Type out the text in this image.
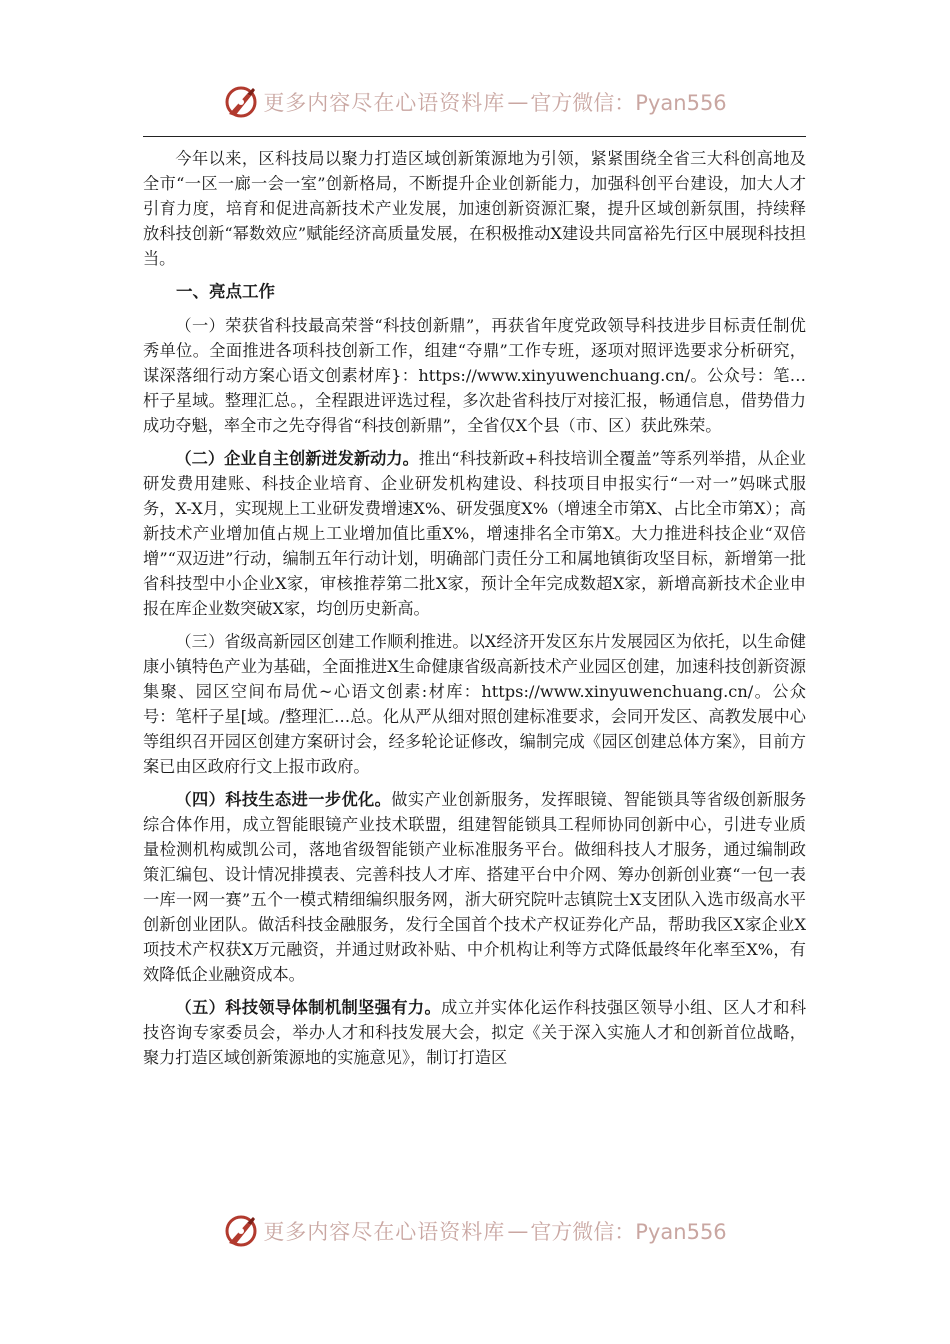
更多内容尽在心语资料库 — 官方微信：Pyan556

今年以来，区科技局以聚力打造区域创新策源地为引领，紧紧围绕全省三大科创高地及全市“一区一廊一会一室”创新格局，不断提升企业创新能力，加强科创平台建设，加大人才引育力度，培育和促进高新技术产业发展，加速创新资源汇聚，提升区域创新氛围，持续释放科技创新“幂数效应”赋能经济高质量发展，在积极推动X建设共同富裕先行区中展现科技担当。

一、亮点工作

（一）荣获省科技最高荣誉“科技创新鼎”，再获省年度党政领导科技进步目标责任制优秀单位。全面推进各项科技创新工作，组建“夺鼎”工作专班，逐项对照评选要求分析研究，谋深落细行动方案心语文创素材库}：https://www.xinyuwenchuang.cn/。公众号：笔…杆子星域。整理汇总。，全程跟进评选过程，多次赴省科技厅对接汇报，畅通信息，借势借力成功夺魁，率全市之先夺得省“科技创新鼎”，全省仅X个县（市、区）获此殊荣。

（二）企业自主创新迸发新动力。推出“科技新政+科技培训全覆盖”等系列举措，从企业研发费用建账、科技企业培育、企业研发机构建设、科技项目申报实行“一对一”妈咪式服务，X-X月，实现规上工业研发费增速X%、研发强度X%（增速全市第X、占比全市第X）；高新技术产业增加值占规上工业增加值比重X%，增速排名全市第X。大力推进科技企业“双倍增”“双迈进”行动，编制五年行动计划，明确部门责任分工和属地镇街攻坚目标，新增第一批省科技型中小企业X家，审核推荐第二批X家，预计全年完成数超X家，新增高新技术企业申报在库企业数突破X家，均创历史新高。

（三）省级高新园区创建工作顺利推进。以X经济开发区东片发展园区为依托，以生命健康小镇特色产业为基础，全面推进X生命健康省级高新技术产业园区创建，加速科技创新资源集聚、园区空间布局优~心语文创素:材库：https://www.xinyuwenchuang.cn/。公众号：笔杆子星[域。/整理汇…总。化从严从细对照创建标准要求，会同开发区、高教发展中心等组织召开园区创建方案研讨会，经多轮论证修改，编制完成《园区创建总体方案》，目前方案已由区政府行文上报市政府。

（四）科技生态进一步优化。做实产业创新服务，发挥眼镜、智能锁具等省级创新服务综合体作用，成立智能眼镜产业技术联盟，组建智能锁具工程师协同创新中心，引进专业质量检测机构威凯公司，落地省级智能锁产业标准服务平台。做细科技人才服务，通过编制政策汇编包、设计情况排摸表、完善科技人才库、搭建平台中介网、筹办创新创业赛“一包一表一库一网一赛”五个一模式精细编织服务网，浙大研究院叶志镇院士X支团队入选市级高水平创新创业团队。做活科技金融服务，发行全国首个技术产权证券化产品，帮助我区X家企业X项技术产权获X万元融资，并通过财政补贴、中介机构让利等方式降低最终年化率至X%，有效降低企业融资成本。

（五）科技领导体制机制坚强有力。成立并实体化运作科技强区领导小组、区人才和科技咨询专家委员会，举办人才和科技发展大会，拟定《关于深入实施人才和创新首位战略，聚力打造区域创新策源地的实施意见》，制订打造区

更多内容尽在心语资料库 — 官方微信：Pyan556
